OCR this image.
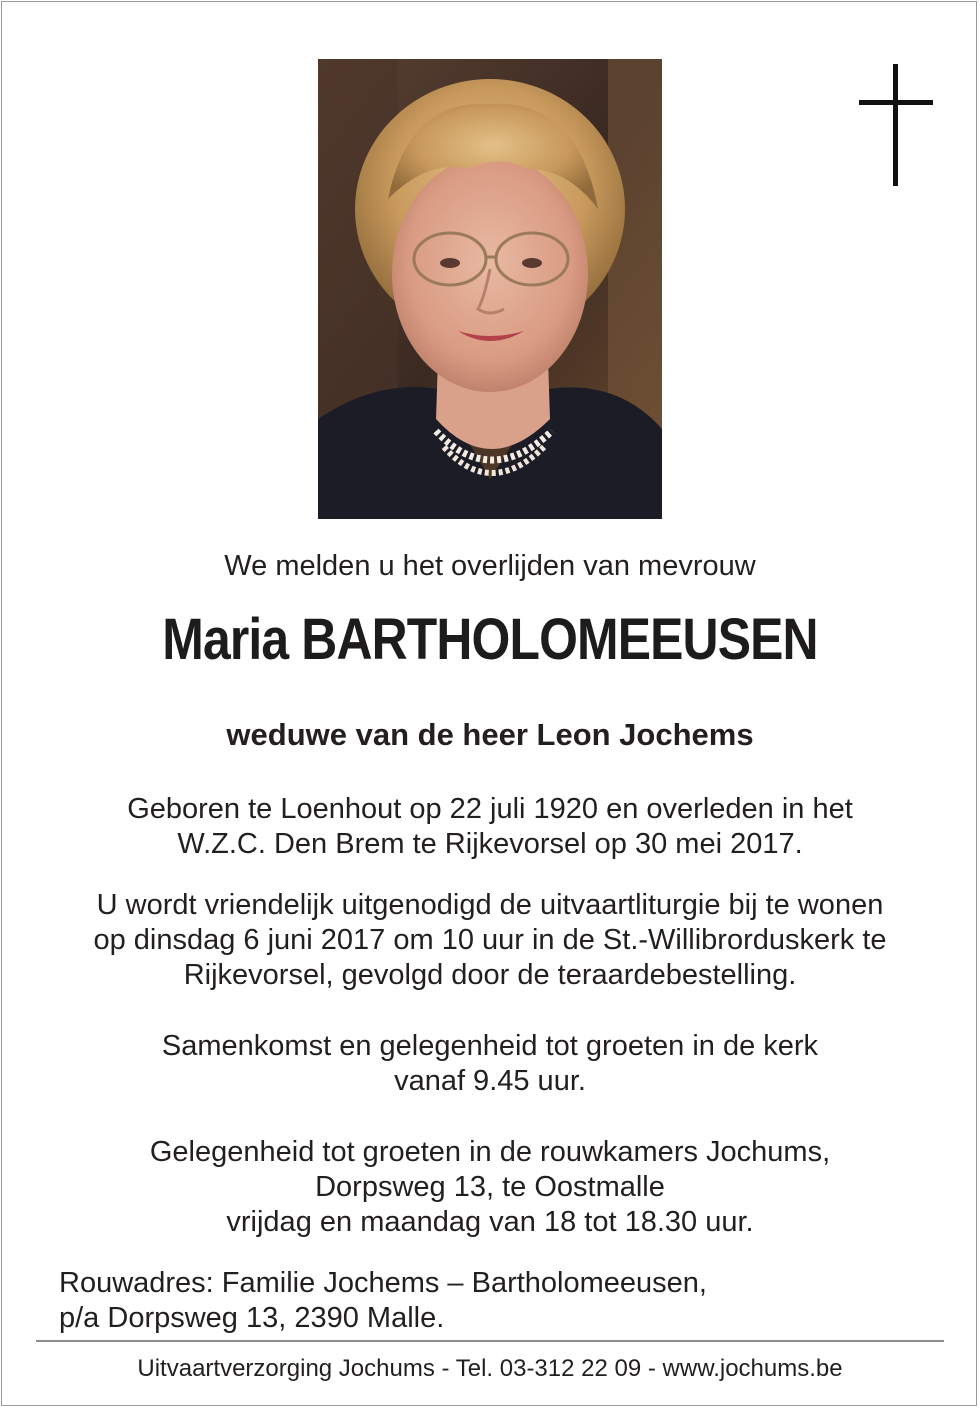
We melden u het overlijden van mevrouw
Maria BARTHOLOMEEUSEN
weduwe van de heer Leon Jochems
Geboren te Loenhout op 22 juli 1920 en overleden in het
W.Z.C. Den Brem te Rijkevorsel op 30 mei 2017.
U wordt vriendelijk uitgenodigd de uitvaartliturgie bij te wonen
op dinsdag 6 juni 2017 om 10 uur in de St.-Willibrorduskerk te
Rijkevorsel, gevolgd door de teraardebestelling.
Samenkomst en gelegenheid tot groeten in de kerk
vanaf 9.45 uur.
Gelegenheid tot groeten in de rouwkamers Jochums,
Dorpsweg 13, te Oostmalle
vrijdag en maandag van 18 tot 18.30 uur.
Rouwadres: Familie Jochems – Bartholomeeusen,
p/a Dorpsweg 13, 2390 Malle.
Uitvaartverzorging Jochums - Tel. 03-312 22 09 - www.jochums.be
